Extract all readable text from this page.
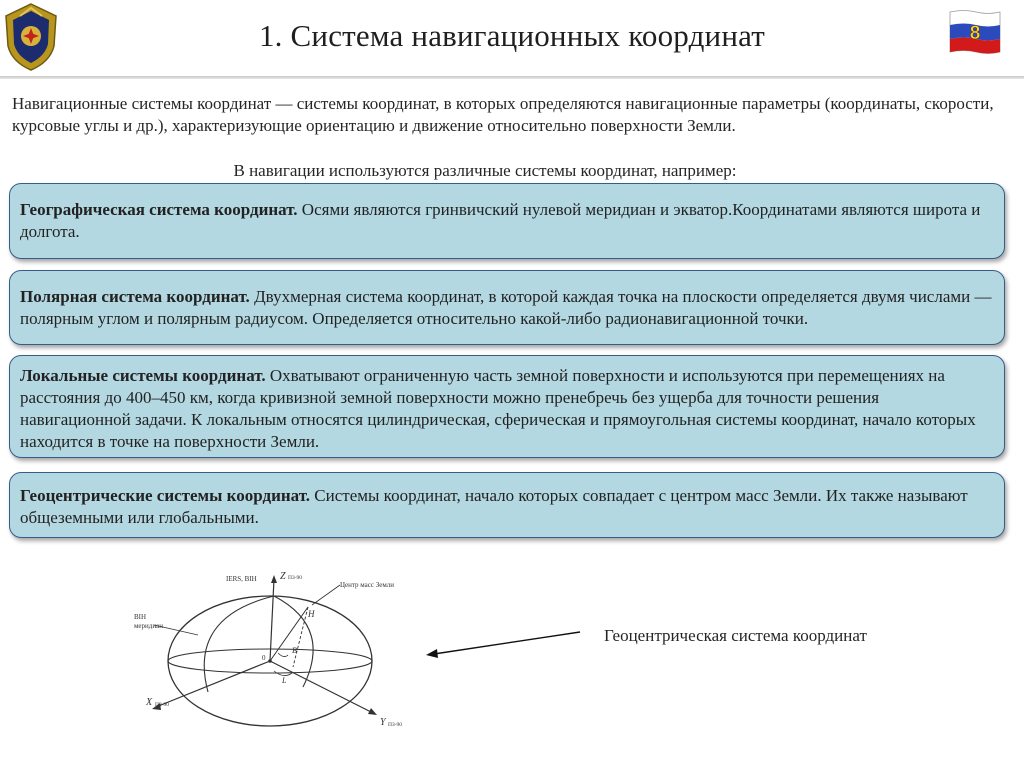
1. Система навигационных координат	8
Навигационные системы координат — системы координат, в которых определяются навигационные параметры (координаты, скорости, курсовые углы и др.), характеризующие ориентацию и движение относительно поверхности Земли.
В навигации используются различные системы координат, например:
Географическая система координат. Осями являются гринвичский нулевой меридиан и экватор.Координатами являются широта и долгота.
Полярная система координат. Двухмерная система координат, в которой каждая точка на плоскости определяется двумя числами — полярным углом и полярным радиусом. Определяется относительно какой-либо радионавигационной точки.
Локальные системы координат. Охватывают ограниченную часть земной поверхности и используются при перемещениях на расстояния до 400–450 км, когда кривизной земной поверхности можно пренебречь без ущерба для точности решения навигационной задачи. К локальным относятся цилиндрическая, сферическая и прямоугольная системы координат, начало которых находится в точке на поверхности Земли.
Геоцентрические системы координат. Системы координат, начало которых совпадает с центром масс Земли. Их также называют общеземными или глобальными.
IERS, BIH Z ПЗ-90
Центр масс Земли
BIH
меридиан
H
B
L
0
X ПЗ-90
Y ПЗ-90
Геоцентрическая система координат
